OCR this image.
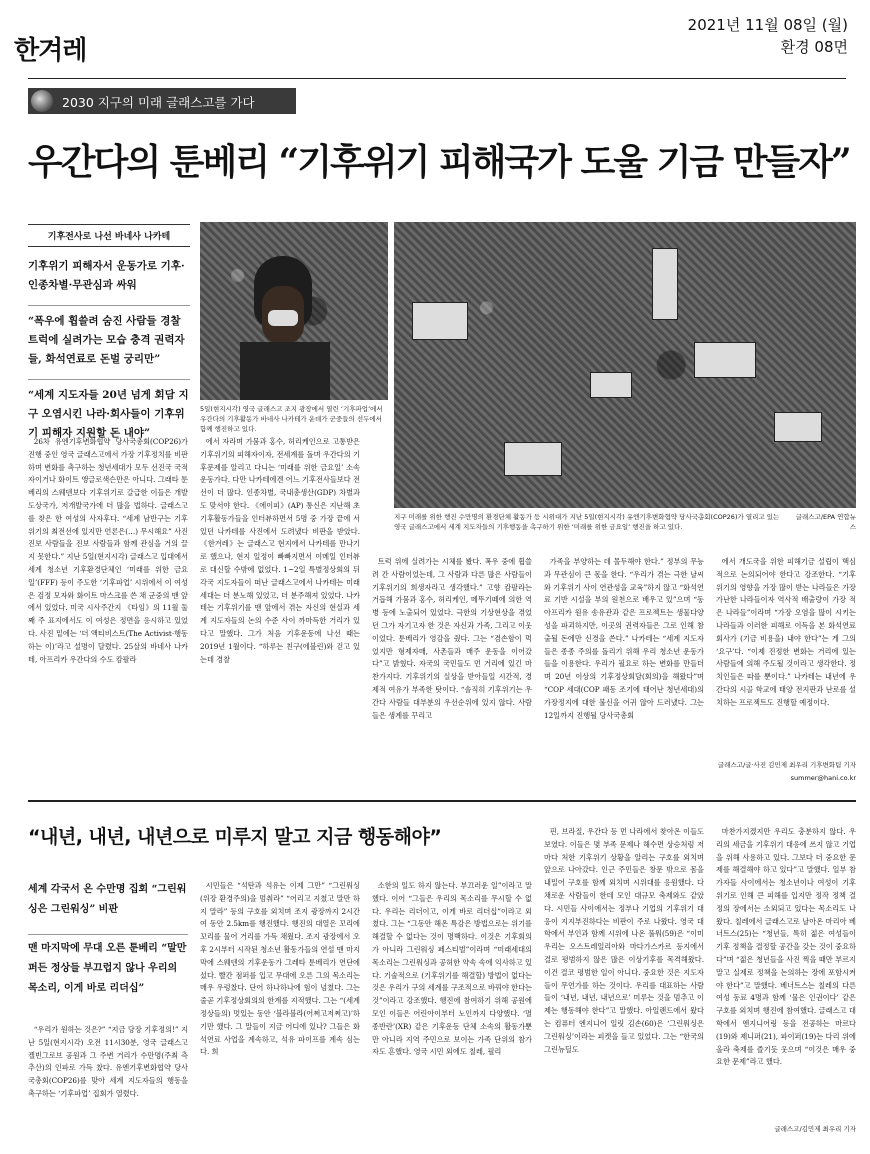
한겨레
2021년 11월 08일 (월)
환경 08면
2030 지구의 미래 글래스고를 가다
우간다의 툰베리 “기후위기 피해국가 도울 기금 만들자”
기후전사로 나선 바네사 나카테
기후위기 피해자서 운동가로 기후·인종차별·무관심과 싸워
“폭우에 휩쓸려 숨진 사람들 경찰 트럭에 실려가는 모습 충격 권력자들, 화석연료로 돈벌 궁리만”
“세계 지도자들 20년 넘게 회담 지구 오염시킨 나라·회사들이 기후위기 피해자 지원할 돈 내야”
5일(현지시각) 영국 글래스고 조지 광장에서 열린 ‘기후파업’에서 우간다의 기후활동가 바네사 나카테가 운데가 군중들의 선두에서 함께 행진하고 있다.
지구 미래를 위한 행진 수만명의 환경단체 활동가 등 시위대가 지난 5일(현지시각) 유엔기후변화협약 당사국총회(COP26)가 열리고 있는 영국 글래스고에서 세계 지도자들의 기후행동을 촉구하기 위한 ‘미래를 위한 금요일’ 행진을 하고 있다.
글래스고/EPA 연합뉴스

26차 유엔기후변화협약 당사국총회(COP26)가 진행 중인 영국 글래스고에서 가장 기후정치를 비판하며 변화를 촉구하는 청년세대가 모두 선진국 국적자이거나 화이트 앵글로색슨만은 아니다. 그래타 툰베리의 스웨덴보다 기후위기로 갈급한 이들은 개발도상국가, 저개발국가에 더 많을 법하다. 글래스고를 찾은 한 여성의 사자후다. “세계 남반구는 기후위기의 최전선에 있지만 언론은(…) 무시해요” 사진 진보 사람들을 진보 사람들과 함께 관심을 거의 끌지 못한다.” 지난 5일(현지시각) 글래스고 입대에서 세계 청소년 기후환경단체인 ‘미래를 위한 금요일’(FFF) 등이 주도한 ‘기후파업’ 시위에서 이 여성은 검정 모자와 화이트 마스크를 쓴 채 군중의 맨 앞에서 있었다. 미국 시사주간지 《타임》의 11월 둘째 주 표지에서도 이 여성은 정면을 응시하고 있었다. 사진 밑에는 ‘더 액티비스트(The Activist·행동하는 이)’라고 설명이 달렸다. 25살의 바네사 나카테, 아프리카 우간다의 수도 캄팔라

에서 자라며 가뭄과 홍수, 허리케인으로 고통받은 기후위기의 피해자이자, 전세계를 돌며 우간다의 기후문제를 알리고 다니는 ‘미래를 위한 금요일’ 소속 운동가다. 다만 나카테에겐 어느 기후전사들보다 전선이 더 많다. 인종차별, 국내총생산(GDP) 차별과도 맞서야 한다. 《에이피》(AP) 통신은 지난해 초 기후활동가들을 인터뷰하면서 5명 중 가장 끝에 서 있던 나카테를 사진에서 도려냈다 비판을 받았다. 《한겨레》는 글래스고 현지에서 나카테를 만나기로 했으나, 현지 일정이 빠빠지면서 이메일 인터뷰로 대신할 수밖에 없었다. 1~2일 특별정상회의 뒤 각국 지도자들이 떠난 글래스고에서 나카테는 미래세대는 더 분노해 있었고, 더 분주해져 있었다. 나카테는 기후위기를 맨 앞에서 겪는 자신의 현실과 세계 지도자들의 논의 수준 사이 까마득한 거리가 있다고 말했다. 그가 처음 기후운동에 나선 때는 2019년 1월이다. “하루는 친구(에블린)와 걷고 있는데 경찰

트럭 위에 실려가는 시체를 봤다. 폭우 중에 휩쓸려 간 사람이었는데, 그 사람과 다른 많은 사람들이 기후위기의 희생자라고 생각했다.” 고향 캄팔라는 거듭해 가뭄과 홍수, 허리케인, 메뚜기떼에 의한 역병 등에 노출되어 있었다. 극한의 기상현상을 겪었던 그가 자기고자 한 것은 자신과 가족, 그리고 이웃이었다. 툰베리가 영감을 줬다. 그는 “겸손함이 먹었지만 형제자매, 사촌들과 매주 운동을 이어갔다”고 밝혔다. 자국의 국민들도 먼 거리에 있긴 마찬가지다. 기후위기의 실상을 받아들일 시간적, 경제적 여유가 부족한 탓이다. “솔직히 기후위기는 우간다 사람들 대부분의 우선순위에 있지 않다. 사람들은 생계를 꾸리고

가족을 부양하는 데 몰두해야 한다.” 정부의 무능과 무관심이 큰 몫을 한다. “우리가 겪는 극한 날씨와 기후위기 사이 연관성을 교육”하지 않고 “화석연료 기반 시설을 부의 원천으로 배우고 있”으며 “동아프리카 원유 송유관과 같은 프로젝트는 생물다양성을 파괴하지만, 이곳의 권력자들은 그로 인해 참출될 돈에만 신경을 쓴다.” 나카테는 “세계 지도자들은 종종 주의를 돌리기 위해 우리 청소년 운동가들을 이용한다. 우리가 필요로 하는 변화를 만들더며 20년 이상의 기후정상회담(회의)을 해왔다”며 “COP 세대(COP 패동 조기에 태어난 청년세대)의 가장정지에 대한 불신을 어귀 않아 드러냈다. 그는 12일까지 진행될 당사국총회

에서 개도국을 위한 피해기금 설립이 핵심적으로 논의되어야 한다고 강조한다. “기후위기의 영향을 가장 많이 받는 나라들은 가장 가난한 나라들이자 역사적 배출량이 가장 적은 나라들”이라며 “가장 오염을 많이 시키는 나라들과 이러한 피해로 이득을 본 화석연료 회사가 (기금 비용을) 내야 한다”는 게 그의 ‘요구’다. “이제 진정한 변화는 거리에 있는 사람들에 의해 주도될 것이라고 생각한다. 정치인들은 따를 뿐이다.” 나카테는 내년에 우간다의 시골 학교에 태양 전지판과 난로를 설치하는 프로젝트도 진행할 예정이다.

글래스고/글·사진 김민제 최우리 기후변화팀 기자
summer@hani.co.kr
“내년, 내년, 내년으로 미루지 말고 지금 행동해야”
세계 각국서 온 수만명 집회 “그린워싱은 그린워싱” 비판
맨 마지막에 무대 오른 툰베리 “말만 퍼든 정상들 부끄럽지 않나 우리의 목소리, 이게 바로 리더십”

“우리가 원하는 것은?” “지금 당장 기후정의!” 지난 5일(현지시각) 오전 11시30분, 영국 글래스고 켈빈그로브 공원과 그 주변 거리가 수만명(주최 측 추산)의 인파로 가득 찼다. 유엔기후변화협약 당사국총회(COP26)를 맞아 세계 지도자들의 행동을 촉구하는 ‘기후파업’ 집회가 열렸다.

시민들은 “석탄과 석유는 이제 그만” “그린워싱(위장 환경주의)을 멈춰라” “어리고 지쳤고 말만 하지 말라” 등의 구호를 외치며 조지 광장까지 2시간여 동안 2.5km를 행진했다. 행진의 대열은 꼬리에 꼬리를 물어 거리를 가득 채웠다. 조지 광장에서 오후 2시부터 시작된 청소년 활동가들의 연설 맨 마지막에 스웨덴의 기후운동가 그레타 툰베리가 연단에 섰다. 빨간 점퍼를 입고 무대에 오른 그의 목소리는 매우 우렁찼다. 단어 하나하나에 힘이 넘쳤다. 그는 줄곧 기후정상회의의 한계를 지적했다. 그는 “(세계 정상들의) 멋있는 동안 ‘블라블라(어쩌고저쩌고)’하기만 했다. 그 말들이 지금 어디에 있나? 그들은 화석연료 사업을 계속하고, 석유 파이프를 계속 심는다. 희

소한의 일도 하지 않는다. 부끄러운 일”이라고 말했다. 이어 “그들은 우리의 목소리를 무시할 수 없다. 우리는 리더이고, 이게 바로 리더십”이라고 외쳤다. 그는 “그동안 해온 특감은 방법으로는 위기를 해결할 수 없다는 것이 명백하다. 이것은 기후회의가 아니라 그린워싱 페스티벌”이라며 “미래세대의 목소리는 그린워싱과 공허한 약속 속에 익사하고 있다. 기술적으로 (기후위기를 해결할) 방법이 없다는 것은 우리가 구의 세계를 구조적으로 바꿔야 한다는 것”이라고 강조했다. 행진에 참여하기 위해 공원에 모인 이들은 어린아이부터 노인까지 다양했다. ‘멸종반란’(XR) 같은 기후운동 단체 소속의 활동가뿐만 아니라 지역 주민으로 보이는 가족 단위의 참가자도 흔했다. 영국 시민 외에도 칠레, 필리

핀, 브라질, 우간다 등 먼 나라에서 찾아온 이들도 보였다. 이들은 몇 부족 문제나 해수면 상승처럼 저마다 처한 기후위기 상황을 알리는 구호를 외치며 앞으로 나아갔다. 인근 주민들은 창문 밖으로 몸을 내밀어 구호를 함께 외치며 시위대를 응원했다. 다채로운 사람들이 한데 모인 대규모 축제와도 같았다. 시민들 사이에서는 정부나 기업의 기후위기 대응이 지지부진하다는 비판이 주로 나왔다. 영국 대학에서 부인과 함께 시위에 나온 풀워(59)은 “이미 우리는 오스트레일리아와 마다가스카르 등지에서 결로 평범하지 않은 많은 이상기후를 목격해왔다. 이건 결코 평범한 일이 아니다. 중요한 것은 지도자들이 무언가를 하는 것이다. 우리를 대표하는 사람들이 ‘내년, 내년, 내년으로’ 미루는 것을 멈추고 이제는 행동해야 한다”고 말했다. 아일랜드에서 왔다는 컴퓨터 엔지니어 일릿 김손(60)은 ‘그린워싱은 그린워싱’이라는 피켓을 들고 있었다. 그는 “한국의 그린뉴딜도

마찬가지겠지만 우리도 충분하지 않다. 우리의 세금을 기후위기 대응에 쓰지 않고 기업을 위해 사용하고 있다. 그보다 더 중요한 문제를 해결해야 하고 있다”고 말했다. 일부 참가자들 사이에서는 청소년이나 여성이 기후위기로 인해 큰 피해를 입지만 정작 정책 결정의 장에서는 소외되고 있다는 목소리도 나왔다. 칠레에서 글래스고로 날아온 마리아 베너트스(25)는 “청년들, 특히 젊은 여성들이 기후 정책을 결정할 공간을 갖는 것이 중요하다”며 “젊은 청년들을 사진 찍을 때만 부르지 말고 실제로 정책을 논의하는 장에 포함시켜야 한다”고 말했다. 베너트스는 칠레의 다른 여성 동료 4명과 함께 ‘물은 인권이다’ 같은 구호를 외치며 행진에 참여했다. 글래스고 대학에서 엔지니어링 등을 전공하는 마르다(19)와 제니퍼(21), 파이퍼(19)는 다리 위에 올라 축제를 즐기듯 웃으며 “이것은 매우 중요한 문제”라고 했다.

글래스고/김민제 최우리 기자
